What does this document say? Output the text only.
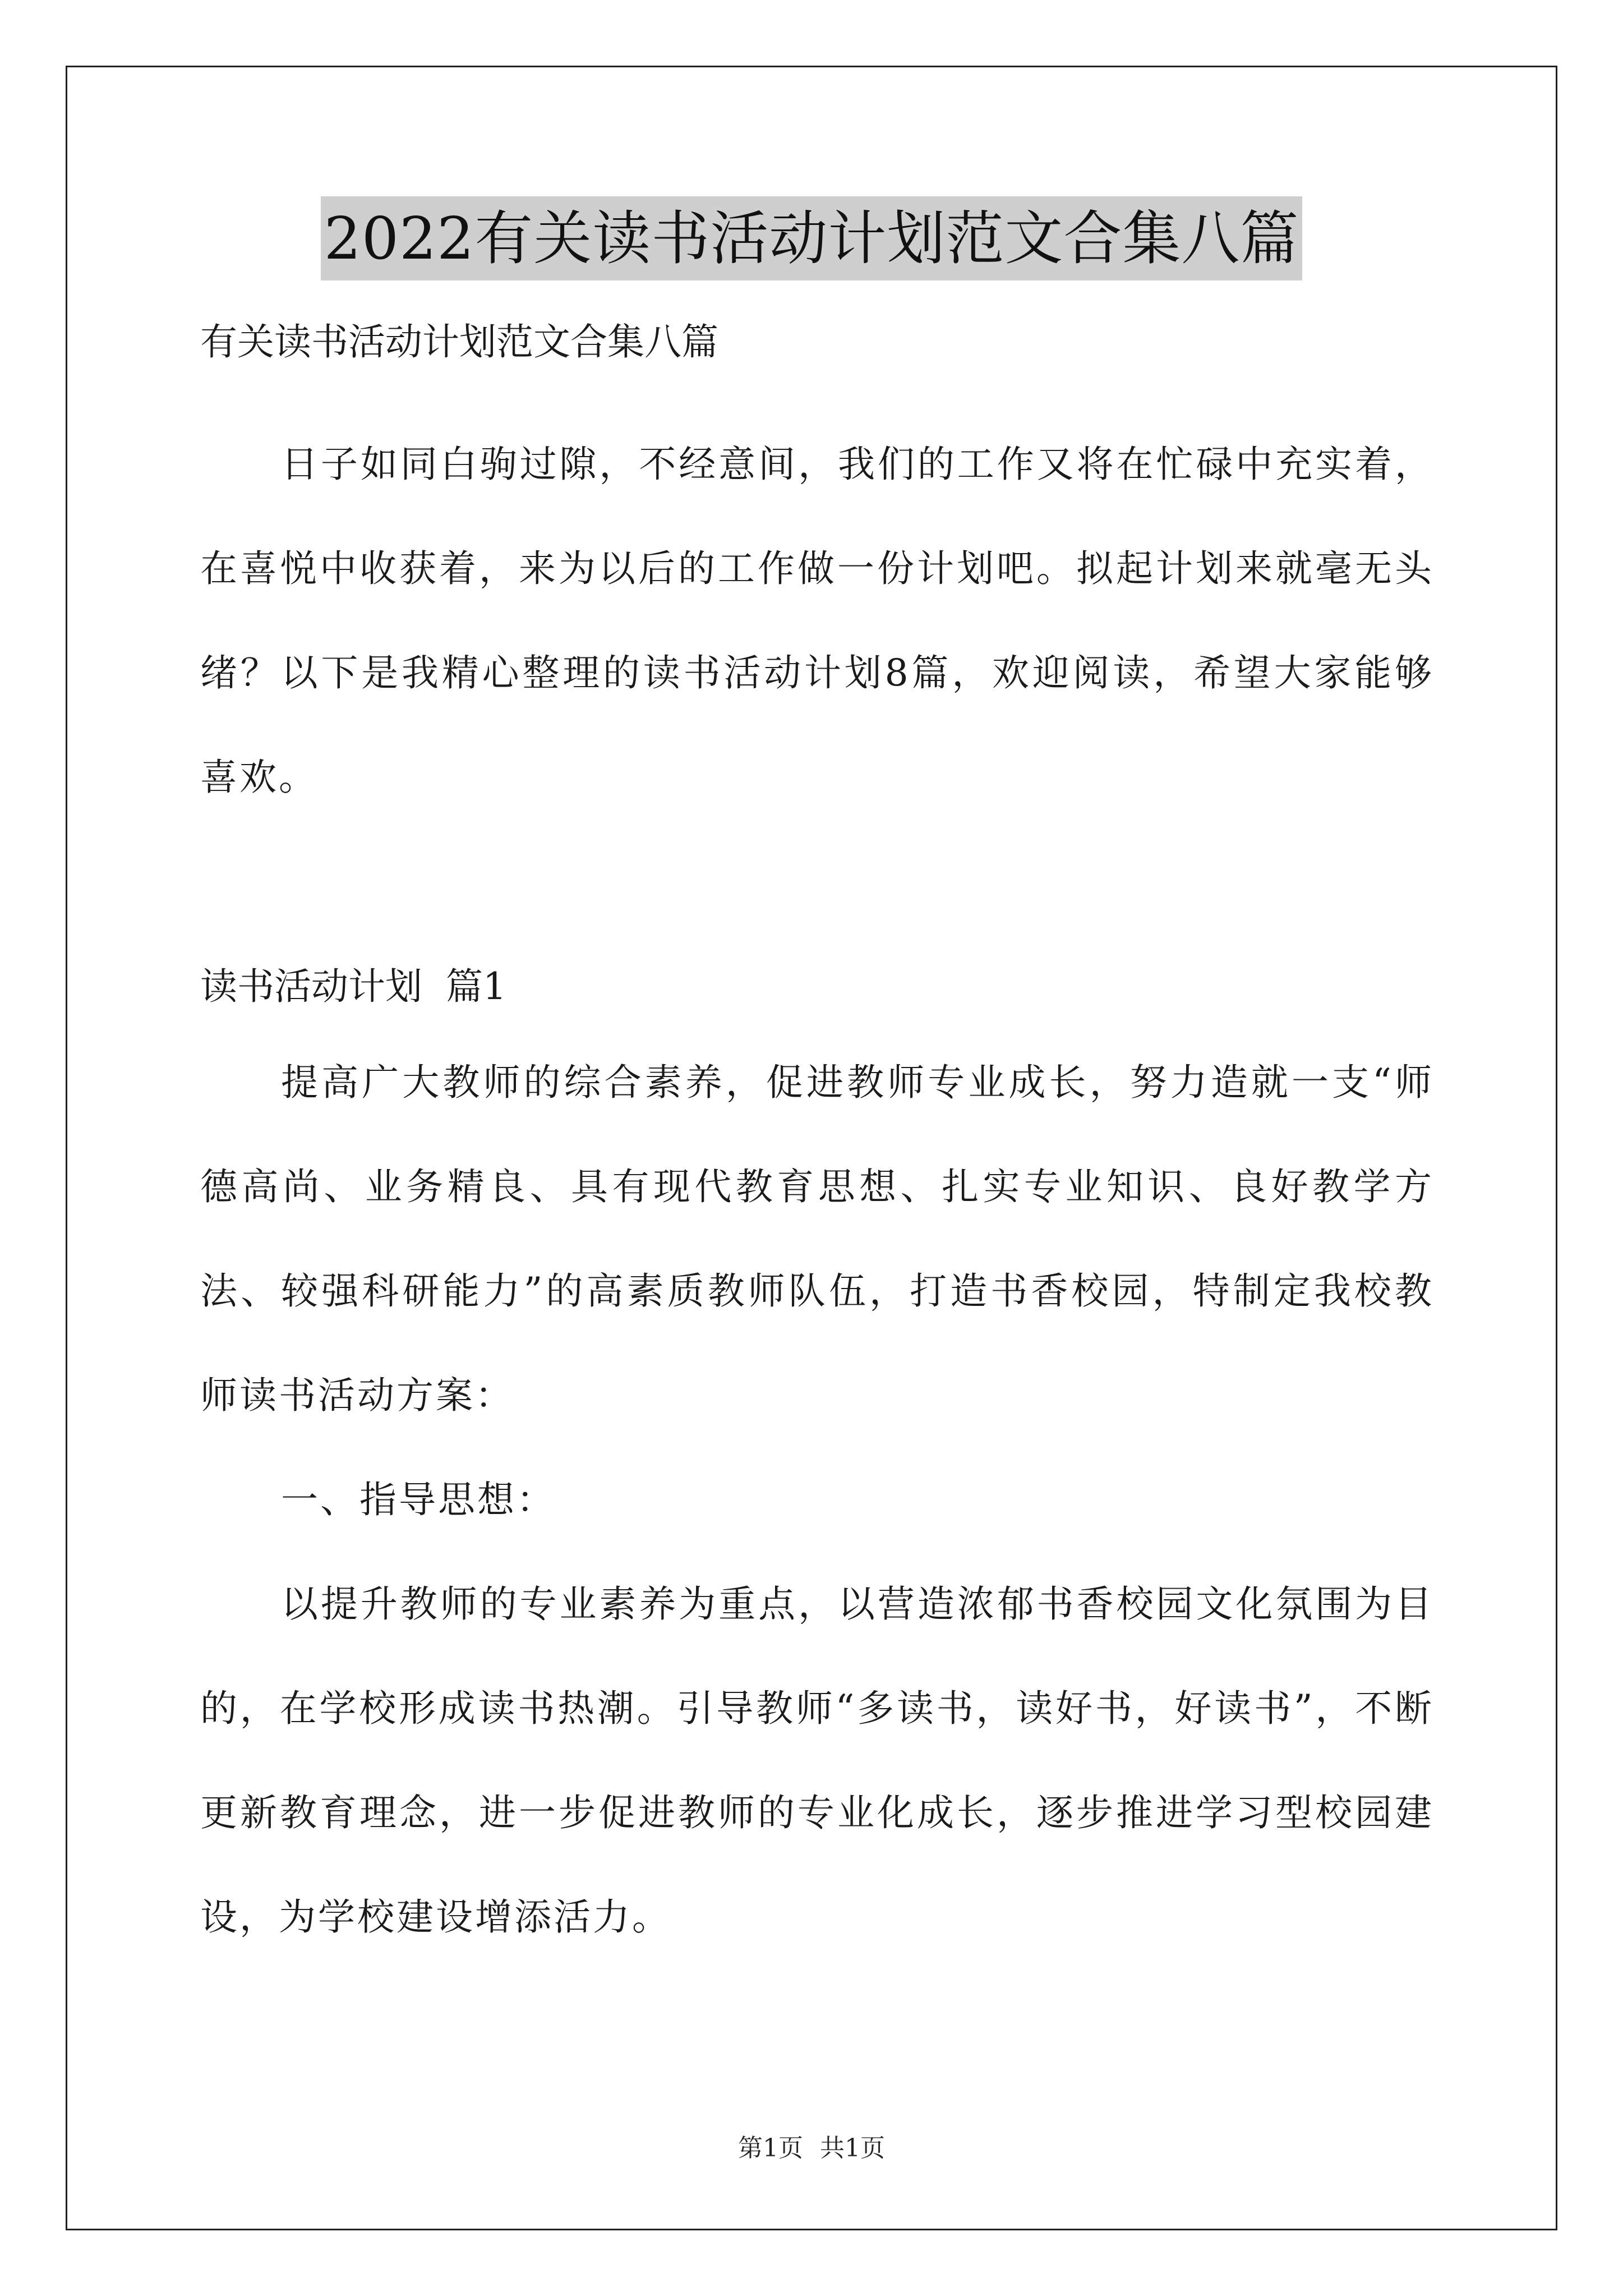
2022有关读书活动计划范文合集八篇

有关读书活动计划范文合集八篇

日子如同白驹过隙，不经意间，我们的工作又将在忙碌中充实着，在喜悦中收获着，来为以后的工作做一份计划吧。拟起计划来就毫无头绪？以下是我精心整理的读书活动计划8篇，欢迎阅读，希望大家能够喜欢。

读书活动计划  篇1

提高广大教师的综合素养，促进教师专业成长，努力造就一支“师德高尚、业务精良、具有现代教育思想、扎实专业知识、良好教学方法、较强科研能力”的高素质教师队伍，打造书香校园，特制定我校教师读书活动方案：

一、指导思想：

以提升教师的专业素养为重点，以营造浓郁书香校园文化氛围为目的，在学校形成读书热潮。引导教师“多读书，读好书，好读书”，不断更新教育理念，进一步促进教师的专业化成长，逐步推进学习型校园建设，为学校建设增添活力。

第1页 共1页
